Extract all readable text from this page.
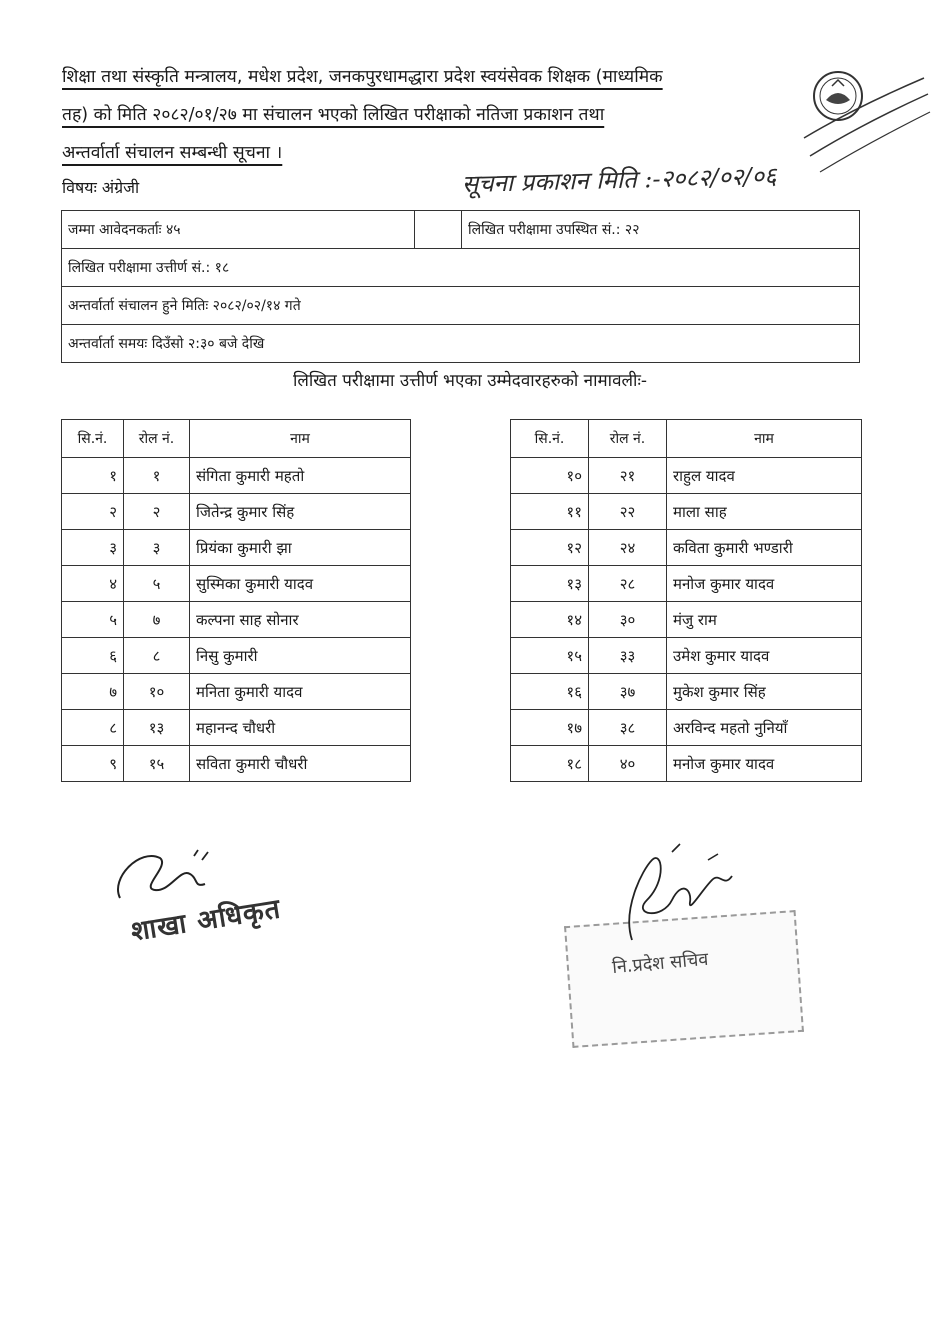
शिक्षा तथा संस्कृति मन्त्रालय, मधेश प्रदेश, जनकपुरधामद्धारा प्रदेश स्वयंसेवक शिक्षक (माध्यमिक
तह) को मिति २०८२/०१/२७ मा संचालन भएको लिखित परीक्षाको नतिजा प्रकाशन तथा
अन्तर्वार्ता संचालन सम्बन्धी सूचना ।
विषयः अंग्रेजी	सूचना प्रकाशन मिति :-२०८२/०२/०६
जम्मा आवेदनकर्ताः ४५	लिखित परीक्षामा उपस्थित सं.: २२
लिखित परीक्षामा उत्तीर्ण सं.: १८
अन्तर्वार्ता संचालन हुने मितिः २०८२/०२/१४ गते
अन्तर्वार्ता समयः दिउँसो २:३० बजे देखि
लिखित परीक्षामा उत्तीर्ण भएका उम्मेदवारहरुको नामावलीः-
सि.नं.	रोल नं.	नाम
१	१	संगिता कुमारी महतो
२	२	जितेन्द्र कुमार सिंह
३	३	प्रियंका कुमारी झा
४	५	सुस्मिका कुमारी यादव
५	७	कल्पना साह सोनार
६	८	निसु कुमारी
७	१०	मनिता कुमारी यादव
८	१३	महानन्द चौधरी
९	१५	सविता कुमारी चौधरी
सि.नं.	रोल नं.	नाम
१०	२१	राहुल यादव
११	२२	माला साह
१२	२४	कविता कुमारी भण्डारी
१३	२८	मनोज कुमार यादव
१४	३०	मंजु राम
१५	३३	उमेश कुमार यादव
१६	३७	मुकेश कुमार सिंह
१७	३८	अरविन्द महतो नुनियाँ
१८	४०	मनोज कुमार यादव
शाखा अधिकृत
नि.प्रदेश सचिव
